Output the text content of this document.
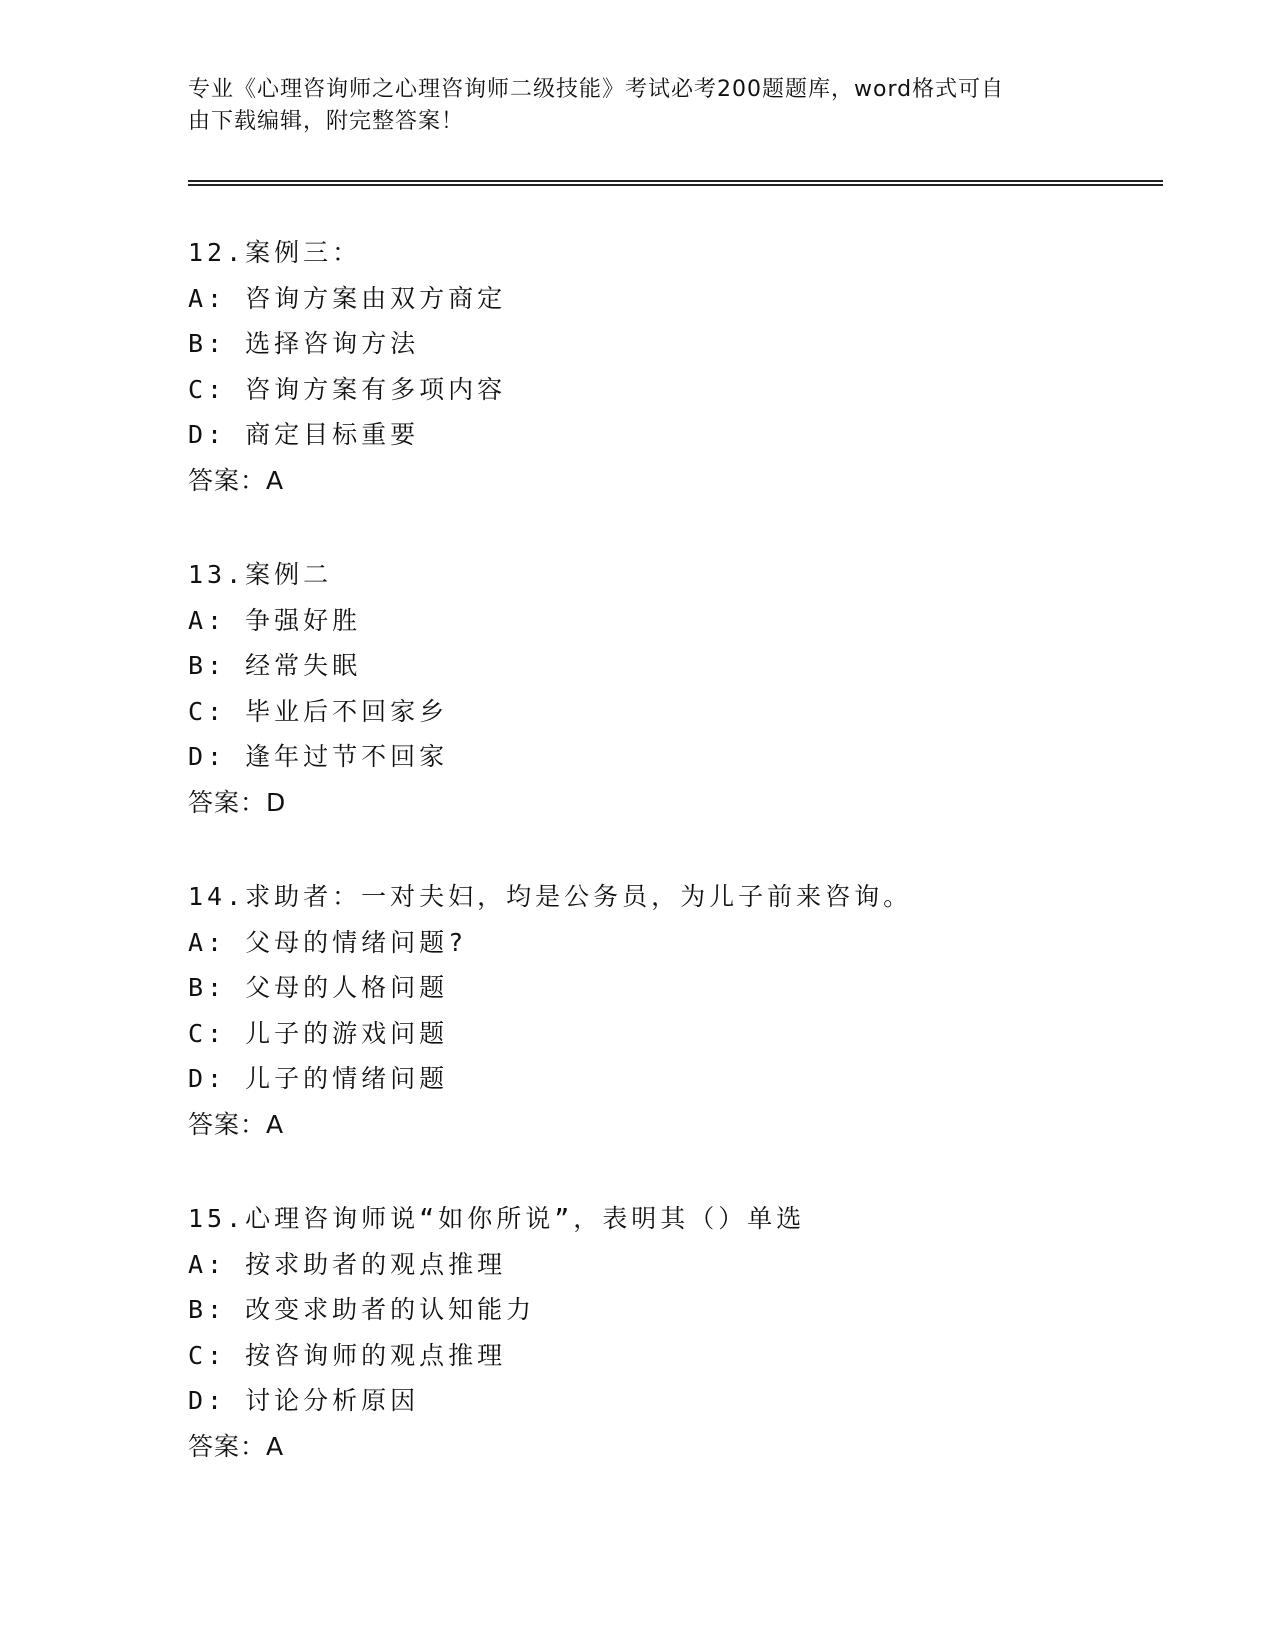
专业《心理咨询师之心理咨询师二级技能》考试必考200题题库，word格式可自
由下载编辑，附完整答案！
12.案例三：
A: 咨询方案由双方商定
B: 选择咨询方法
C: 咨询方案有多项内容
D: 商定目标重要
答案：A
13.案例二
A: 争强好胜
B: 经常失眠
C: 毕业后不回家乡
D: 逢年过节不回家
答案：D
14.求助者：一对夫妇，均是公务员，为儿子前来咨询。
A: 父母的情绪问题?
B: 父母的人格问题
C: 儿子的游戏问题
D: 儿子的情绪问题
答案：A
15.心理咨询师说“如你所说”，表明其（）单选
A: 按求助者的观点推理
B: 改变求助者的认知能力
C: 按咨询师的观点推理
D: 讨论分析原因
答案：A
